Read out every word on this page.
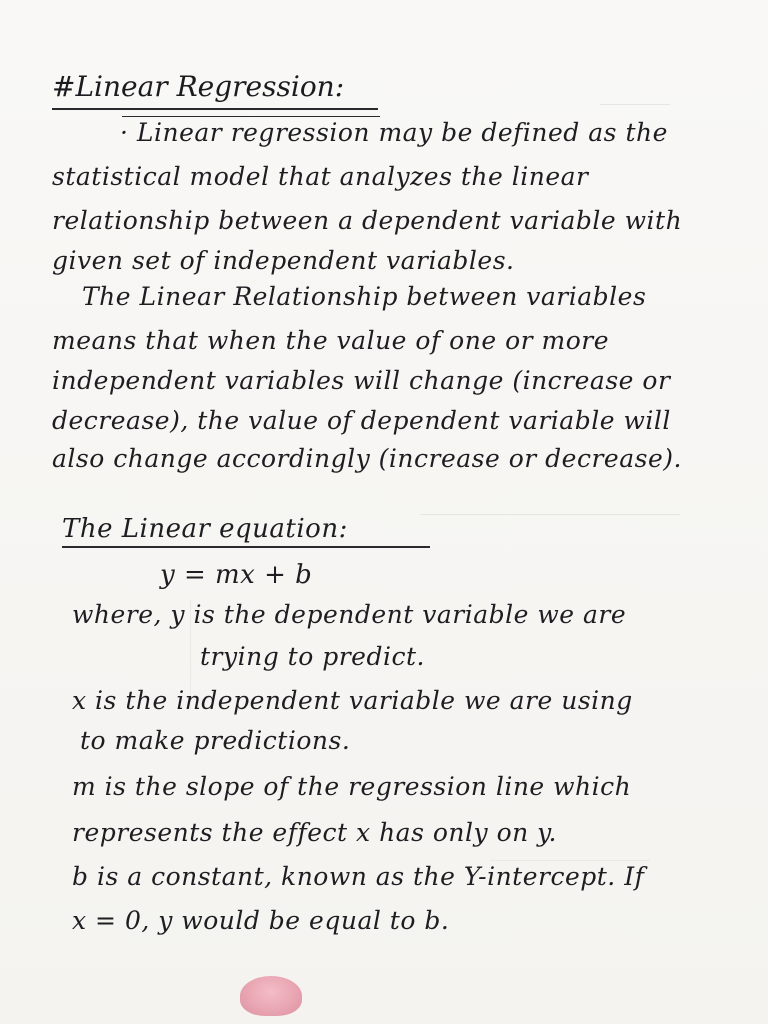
#Linear Regression:
· Linear regression may be defined as the
statistical model that analyzes the linear
relationship between a dependent variable with
given set of independent variables.
The Linear Relationship between variables
means that when the value of one or more
independent variables will change (increase or
decrease), the value of dependent variable will
also change accordingly (increase or decrease).
The Linear equation:
y = mx + b
where, y is the dependent variable we are
trying to predict.
x is the independent variable we are using
to make predictions.
m is the slope of the regression line which
represents the effect x has only on y.
b is a constant, known as the Y-intercept. If
x = 0, y would be equal to b.
